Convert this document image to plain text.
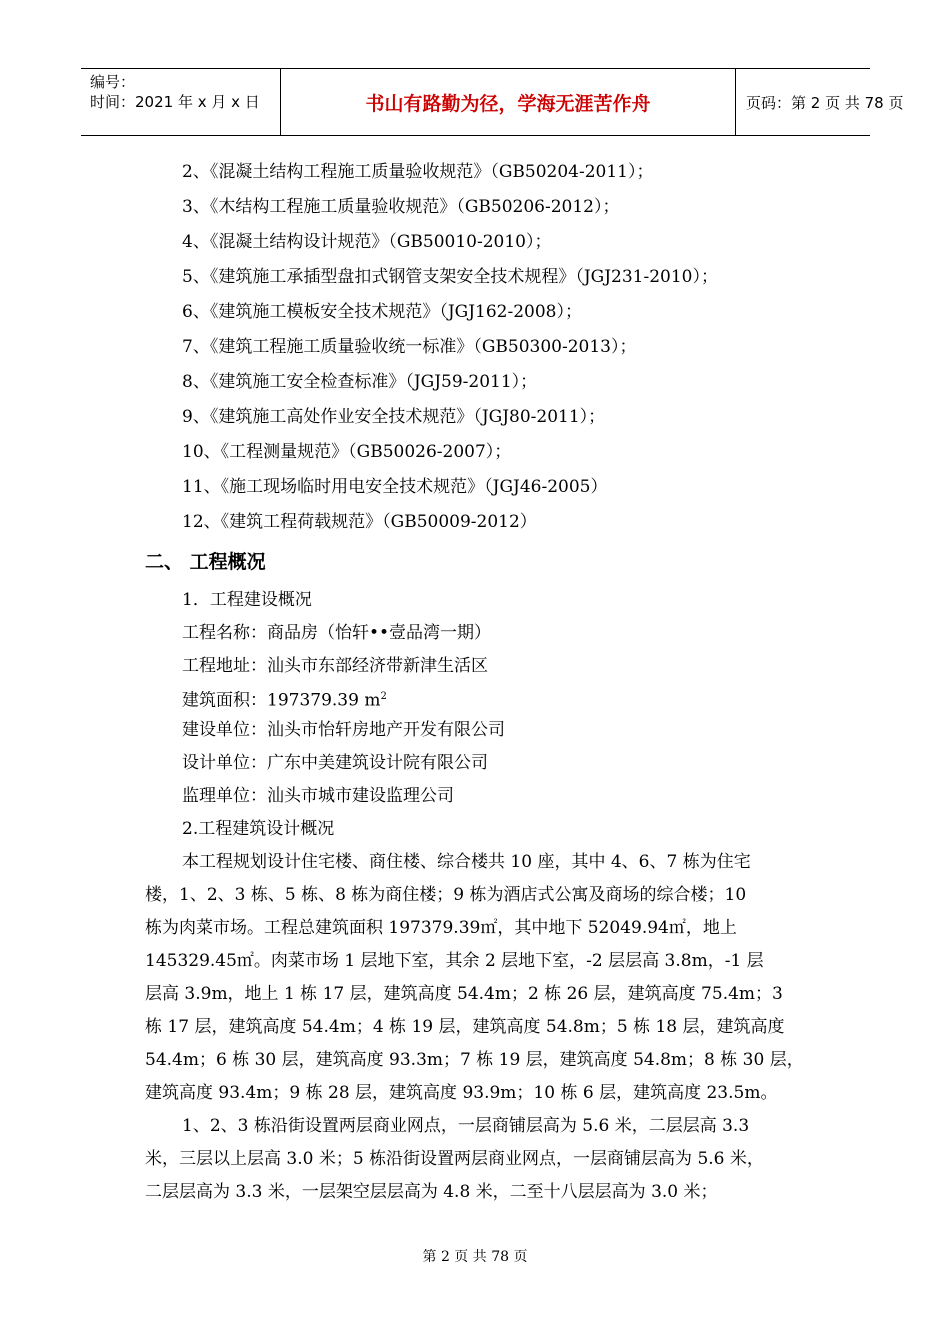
编号：
时间：2021 年 x 月 x 日	书山有路勤为径，学海无涯苦作舟	页码：第 2 页 共 78 页
2、《混凝土结构工程施工质量验收规范》（GB50204-2011）；
3、《木结构工程施工质量验收规范》（GB50206-2012）；
4、《混凝土结构设计规范》（GB50010-2010）；
5、《建筑施工承插型盘扣式钢管支架安全技术规程》（JGJ231-2010）；
6、《建筑施工模板安全技术规范》（JGJ162-2008）；
7、《建筑工程施工质量验收统一标准》（GB50300-2013）；
8、《建筑施工安全检查标准》（JGJ59-2011）；
9、《建筑施工高处作业安全技术规范》（JGJ80-2011）；
10、《工程测量规范》（GB50026-2007）；
11、《施工现场临时用电安全技术规范》（JGJ46-2005）
12、《建筑工程荷载规范》（GB50009-2012）
二、 工程概况
1．工程建设概况
工程名称：商品房（怡轩••壹品湾一期）
工程地址：汕头市东部经济带新津生活区
建筑面积：197379.39 $m^2$
建设单位：汕头市怡轩房地产开发有限公司
设计单位：广东中美建筑设计院有限公司
监理单位：汕头市城市建设监理公司
2.工程建筑设计概况
本工程规划设计住宅楼、商住楼、综合楼共 10 座，其中 4、6、7 栋为住宅
楼，1、2、3 栋、5 栋、8 栋为商住楼；9 栋为酒店式公寓及商场的综合楼；10
栋为肉菜市场。工程总建筑面积 197379.39㎡，其中地下 52049.94㎡，地上
145329.45㎡。肉菜市场 1 层地下室，其余 2 层地下室，-2 层层高 3.8m，-1 层
层高 3.9m，地上 1 栋 17 层，建筑高度 54.4m；2 栋 26 层，建筑高度 75.4m；3
栋 17 层，建筑高度 54.4m；4 栋 19 层，建筑高度 54.8m；5 栋 18 层，建筑高度
54.4m；6 栋 30 层，建筑高度 93.3m；7 栋 19 层，建筑高度 54.8m；8 栋 30 层，
建筑高度 93.4m；9 栋 28 层，建筑高度 93.9m；10 栋 6 层，建筑高度 23.5m。
1、2、3 栋沿街设置两层商业网点，一层商铺层高为 5.6 米，二层层高 3.3
米，三层以上层高 3.0 米；5 栋沿街设置两层商业网点，一层商铺层高为 5.6 米，
二层层高为 3.3 米，一层架空层层高为 4.8 米，二至十八层层高为 3.0 米；
第 2 页 共 78 页
